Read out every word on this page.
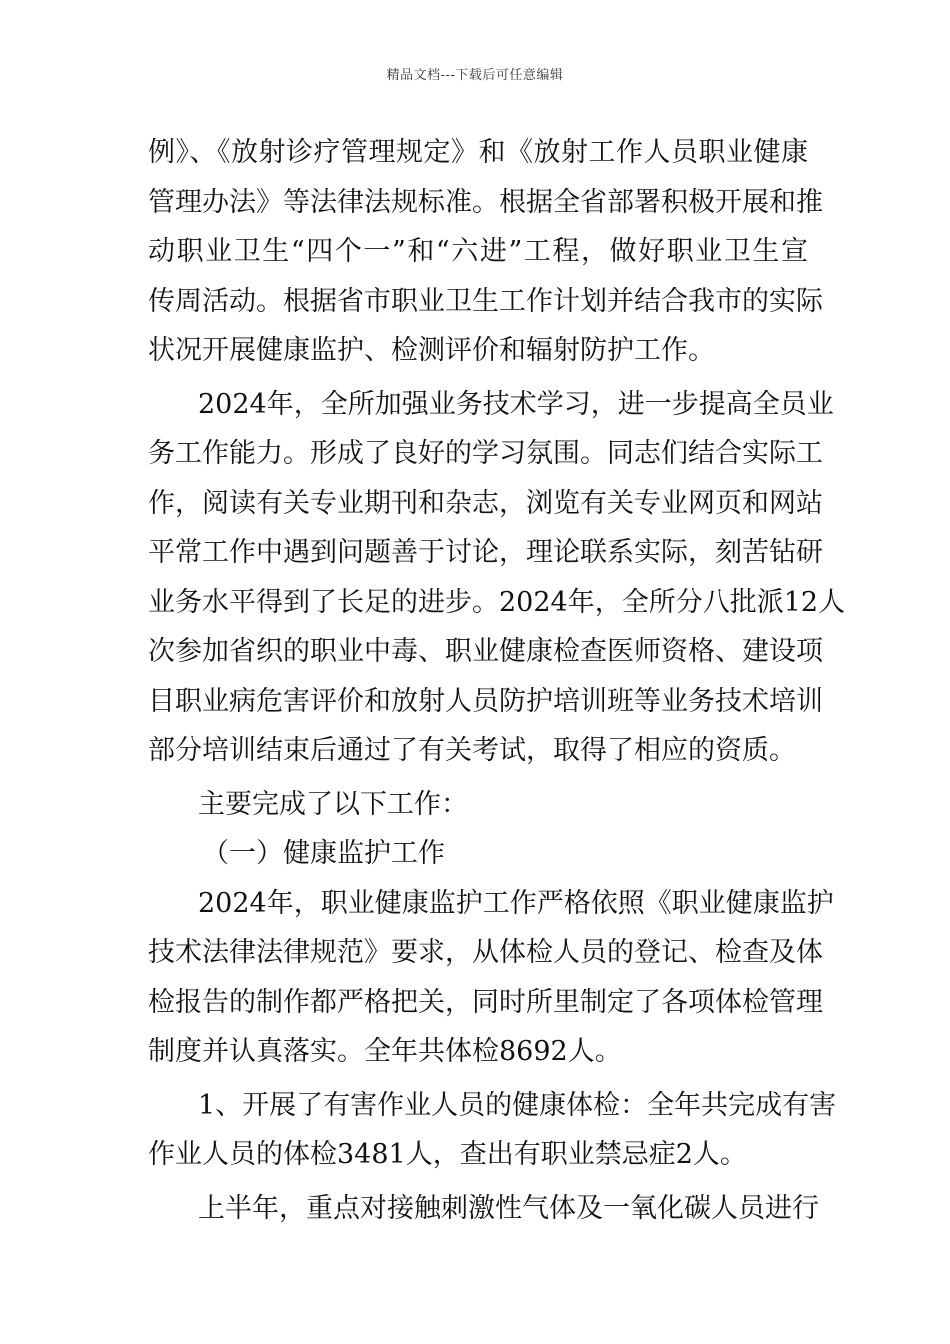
精品文档---下载后可任意编辑
例》、《放射诊疗管理规定》和《放射工作人员职业健康
管理办法》等法律法规标准。根据全省部署积极开展和推
动职业卫生“四个一”和“六进”工程，做好职业卫生宣
传周活动。根据省市职业卫生工作计划并结合我市的实际
状况开展健康监护、检测评价和辐射防护工作。
2024年，全所加强业务技术学习，进一步提高全员业
务工作能力。形成了良好的学习氛围。同志们结合实际工
作，阅读有关专业期刊和杂志，浏览有关专业网页和网站
平常工作中遇到问题善于讨论，理论联系实际，刻苦钻研
业务水平得到了长足的进步。2024年，全所分八批派12人
次参加省织的职业中毒、职业健康检查医师资格、建设项
目职业病危害评价和放射人员防护培训班等业务技术培训
部分培训结束后通过了有关考试，取得了相应的资质。
主要完成了以下工作：
（一）健康监护工作
2024年，职业健康监护工作严格依照《职业健康监护
技术法律法律规范》要求，从体检人员的登记、检查及体
检报告的制作都严格把关，同时所里制定了各项体检管理
制度并认真落实。全年共体检8692人。
1、开展了有害作业人员的健康体检：全年共完成有害
作业人员的体检3481人，查出有职业禁忌症2人。
上半年，重点对接触刺激性气体及一氧化碳人员进行
